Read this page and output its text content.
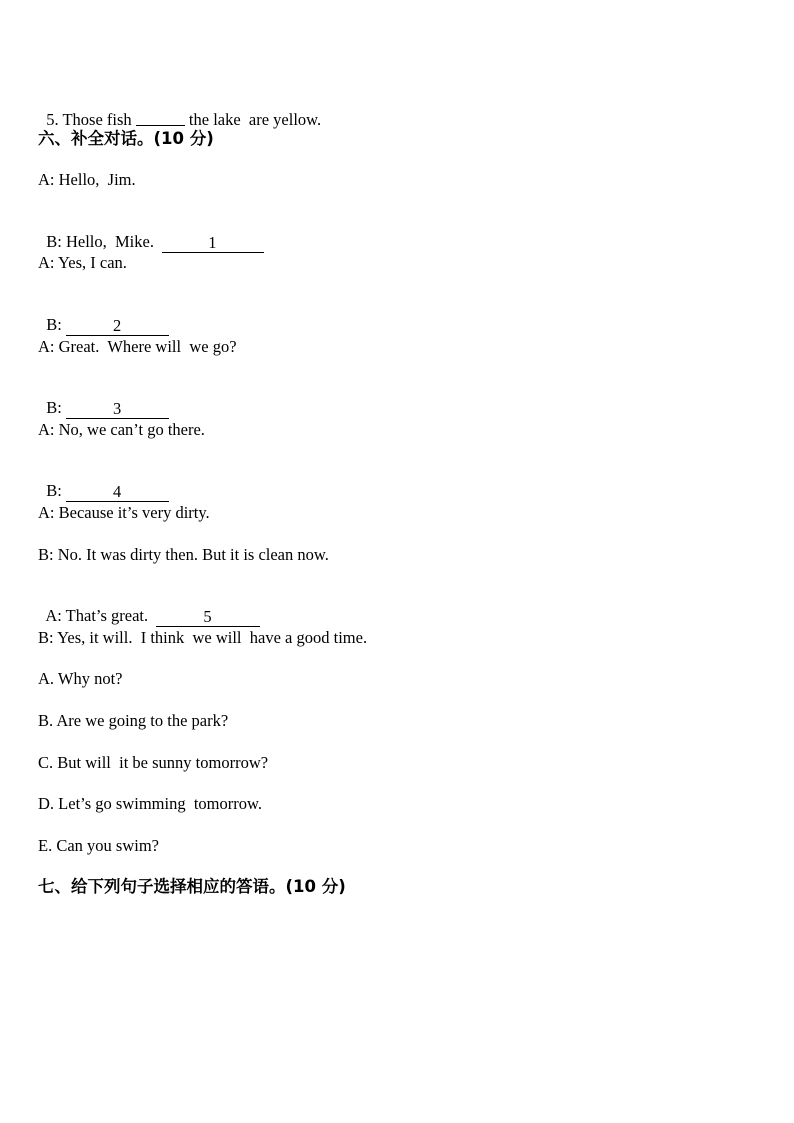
5. Those fish	the lake  are yellow.

六、补全对话。(10 分)
A: Hello,  Jim.

B: Hello,  Mike.	1

A: Yes, I can.

B:	2

A: Great.  Where will  we go?

B:	3

A: No, we can’t go there.

B:	4

A: Because it’s very dirty.
B: No. It was dirty then. But it is clean now.

A: That’s great.	5

B: Yes, it will.  I think  we will  have a good time.
A. Why not?
B. Are we going to the park?
C. But will  it be sunny tomorrow?
D. Let’s go swimming  tomorrow.
E. Can you swim?
七、给下列句子选择相应的答语。(10 分)
